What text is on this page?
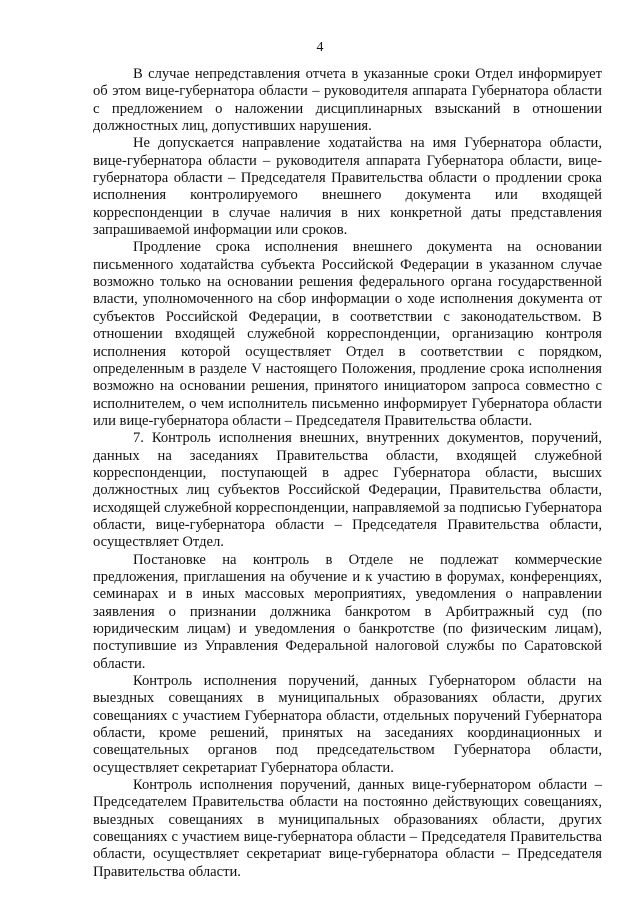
4

В случае непредставления отчета в указанные сроки Отдел информирует об этом вице-губернатора области – руководителя аппарата Губернатора области с предложением о наложении дисциплинарных взысканий в отношении должностных лиц, допустивших нарушения.

Не допускается направление ходатайства на имя Губернатора области, вице-губернатора области – руководителя аппарата Губернатора области, вице-губернатора области – Председателя Правительства области о продлении срока исполнения контролируемого внешнего документа или входящей корреспонденции в случае наличия в них конкретной даты представления запрашиваемой информации или сроков.

Продление срока исполнения внешнего документа на основании письменного ходатайства субъекта Российской Федерации в указанном случае возможно только на основании решения федерального органа государственной власти, уполномоченного на сбор информации о ходе исполнения документа от субъектов Российской Федерации, в соответствии с законодательством. В отношении входящей служебной корреспонденции, организацию контроля исполнения которой осуществляет Отдел в соответствии с порядком, определенным в разделе V настоящего Положения, продление срока исполнения возможно на основании решения, принятого инициатором запроса совместно с исполнителем, о чем исполнитель письменно информирует Губернатора области или вице-губернатора области – Председателя Правительства области.

7. Контроль исполнения внешних, внутренних документов, поручений, данных на заседаниях Правительства области, входящей служебной корреспонденции, поступающей в адрес Губернатора области, высших должностных лиц субъектов Российской Федерации, Правительства области, исходящей служебной корреспонденции, направляемой за подписью Губернатора области, вице-губернатора области – Председателя Правительства области, осуществляет Отдел.

Постановке на контроль в Отделе не подлежат коммерческие предложения, приглашения на обучение и к участию в форумах, конференциях, семинарах и в иных массовых мероприятиях, уведомления о направлении заявления о признании должника банкротом в Арбитражный суд (по юридическим лицам) и уведомления о банкротстве (по физическим лицам), поступившие из Управления Федеральной налоговой службы по Саратовской области.

Контроль исполнения поручений, данных Губернатором области на выездных совещаниях в муниципальных образованиях области, других совещаниях с участием Губернатора области, отдельных поручений Губернатора области, кроме решений, принятых на заседаниях координационных и совещательных органов под председательством Губернатора области, осуществляет секретариат Губернатора области.

Контроль исполнения поручений, данных вице-губернатором области – Председателем Правительства области на постоянно действующих совещаниях, выездных совещаниях в муниципальных образованиях области, других совещаниях с участием вице-губернатора области – Председателя Правительства области, осуществляет секретариат вице-губернатора области – Председателя Правительства области.
